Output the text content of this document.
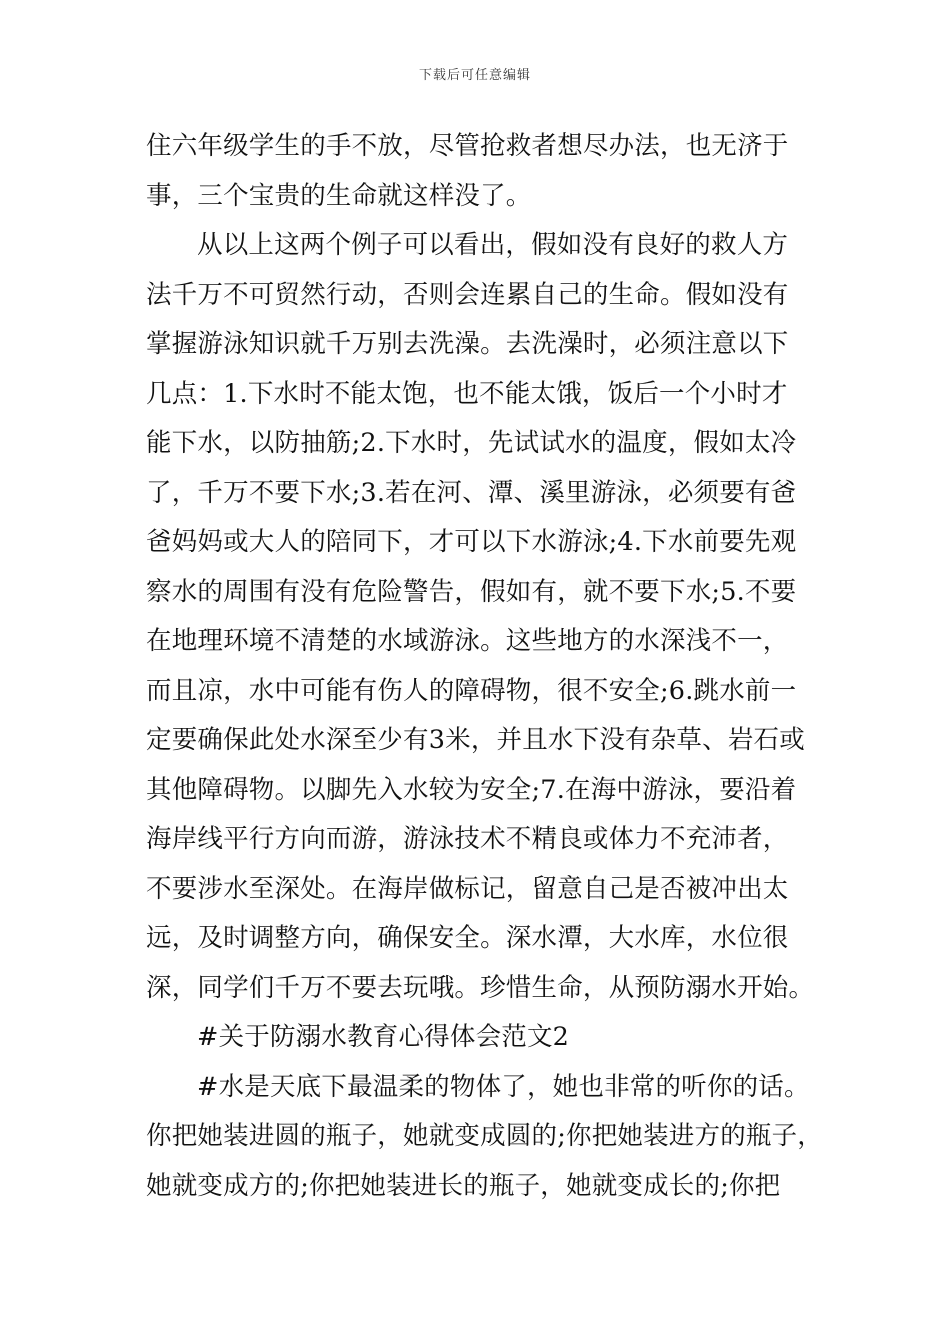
下载后可任意编辑
住六年级学生的手不放，尽管抢救者想尽办法，也无济于
事，三个宝贵的生命就这样没了。
从以上这两个例子可以看出，假如没有良好的救人方
法千万不可贸然行动，否则会连累自己的生命。假如没有
掌握游泳知识就千万别去洗澡。去洗澡时，必须注意以下
几点：1.下水时不能太饱，也不能太饿，饭后一个小时才
能下水，以防抽筋;2.下水时，先试试水的温度，假如太冷
了，千万不要下水;3.若在河、潭、溪里游泳，必须要有爸
爸妈妈或大人的陪同下，才可以下水游泳;4.下水前要先观
察水的周围有没有危险警告，假如有，就不要下水;5.不要
在地理环境不清楚的水域游泳。这些地方的水深浅不一，
而且凉，水中可能有伤人的障碍物，很不安全;6.跳水前一
定要确保此处水深至少有3米，并且水下没有杂草、岩石或
其他障碍物。以脚先入水较为安全;7.在海中游泳，要沿着
海岸线平行方向而游，游泳技术不精良或体力不充沛者，
不要涉水至深处。在海岸做标记，留意自己是否被冲出太
远，及时调整方向，确保安全。深水潭，大水库，水位很
深，同学们千万不要去玩哦。珍惜生命，从预防溺水开始。
#关于防溺水教育心得体会范文2
#水是天底下最温柔的物体了，她也非常的听你的话。
你把她装进圆的瓶子，她就变成圆的;你把她装进方的瓶子，
她就变成方的;你把她装进长的瓶子，她就变成长的;你把
